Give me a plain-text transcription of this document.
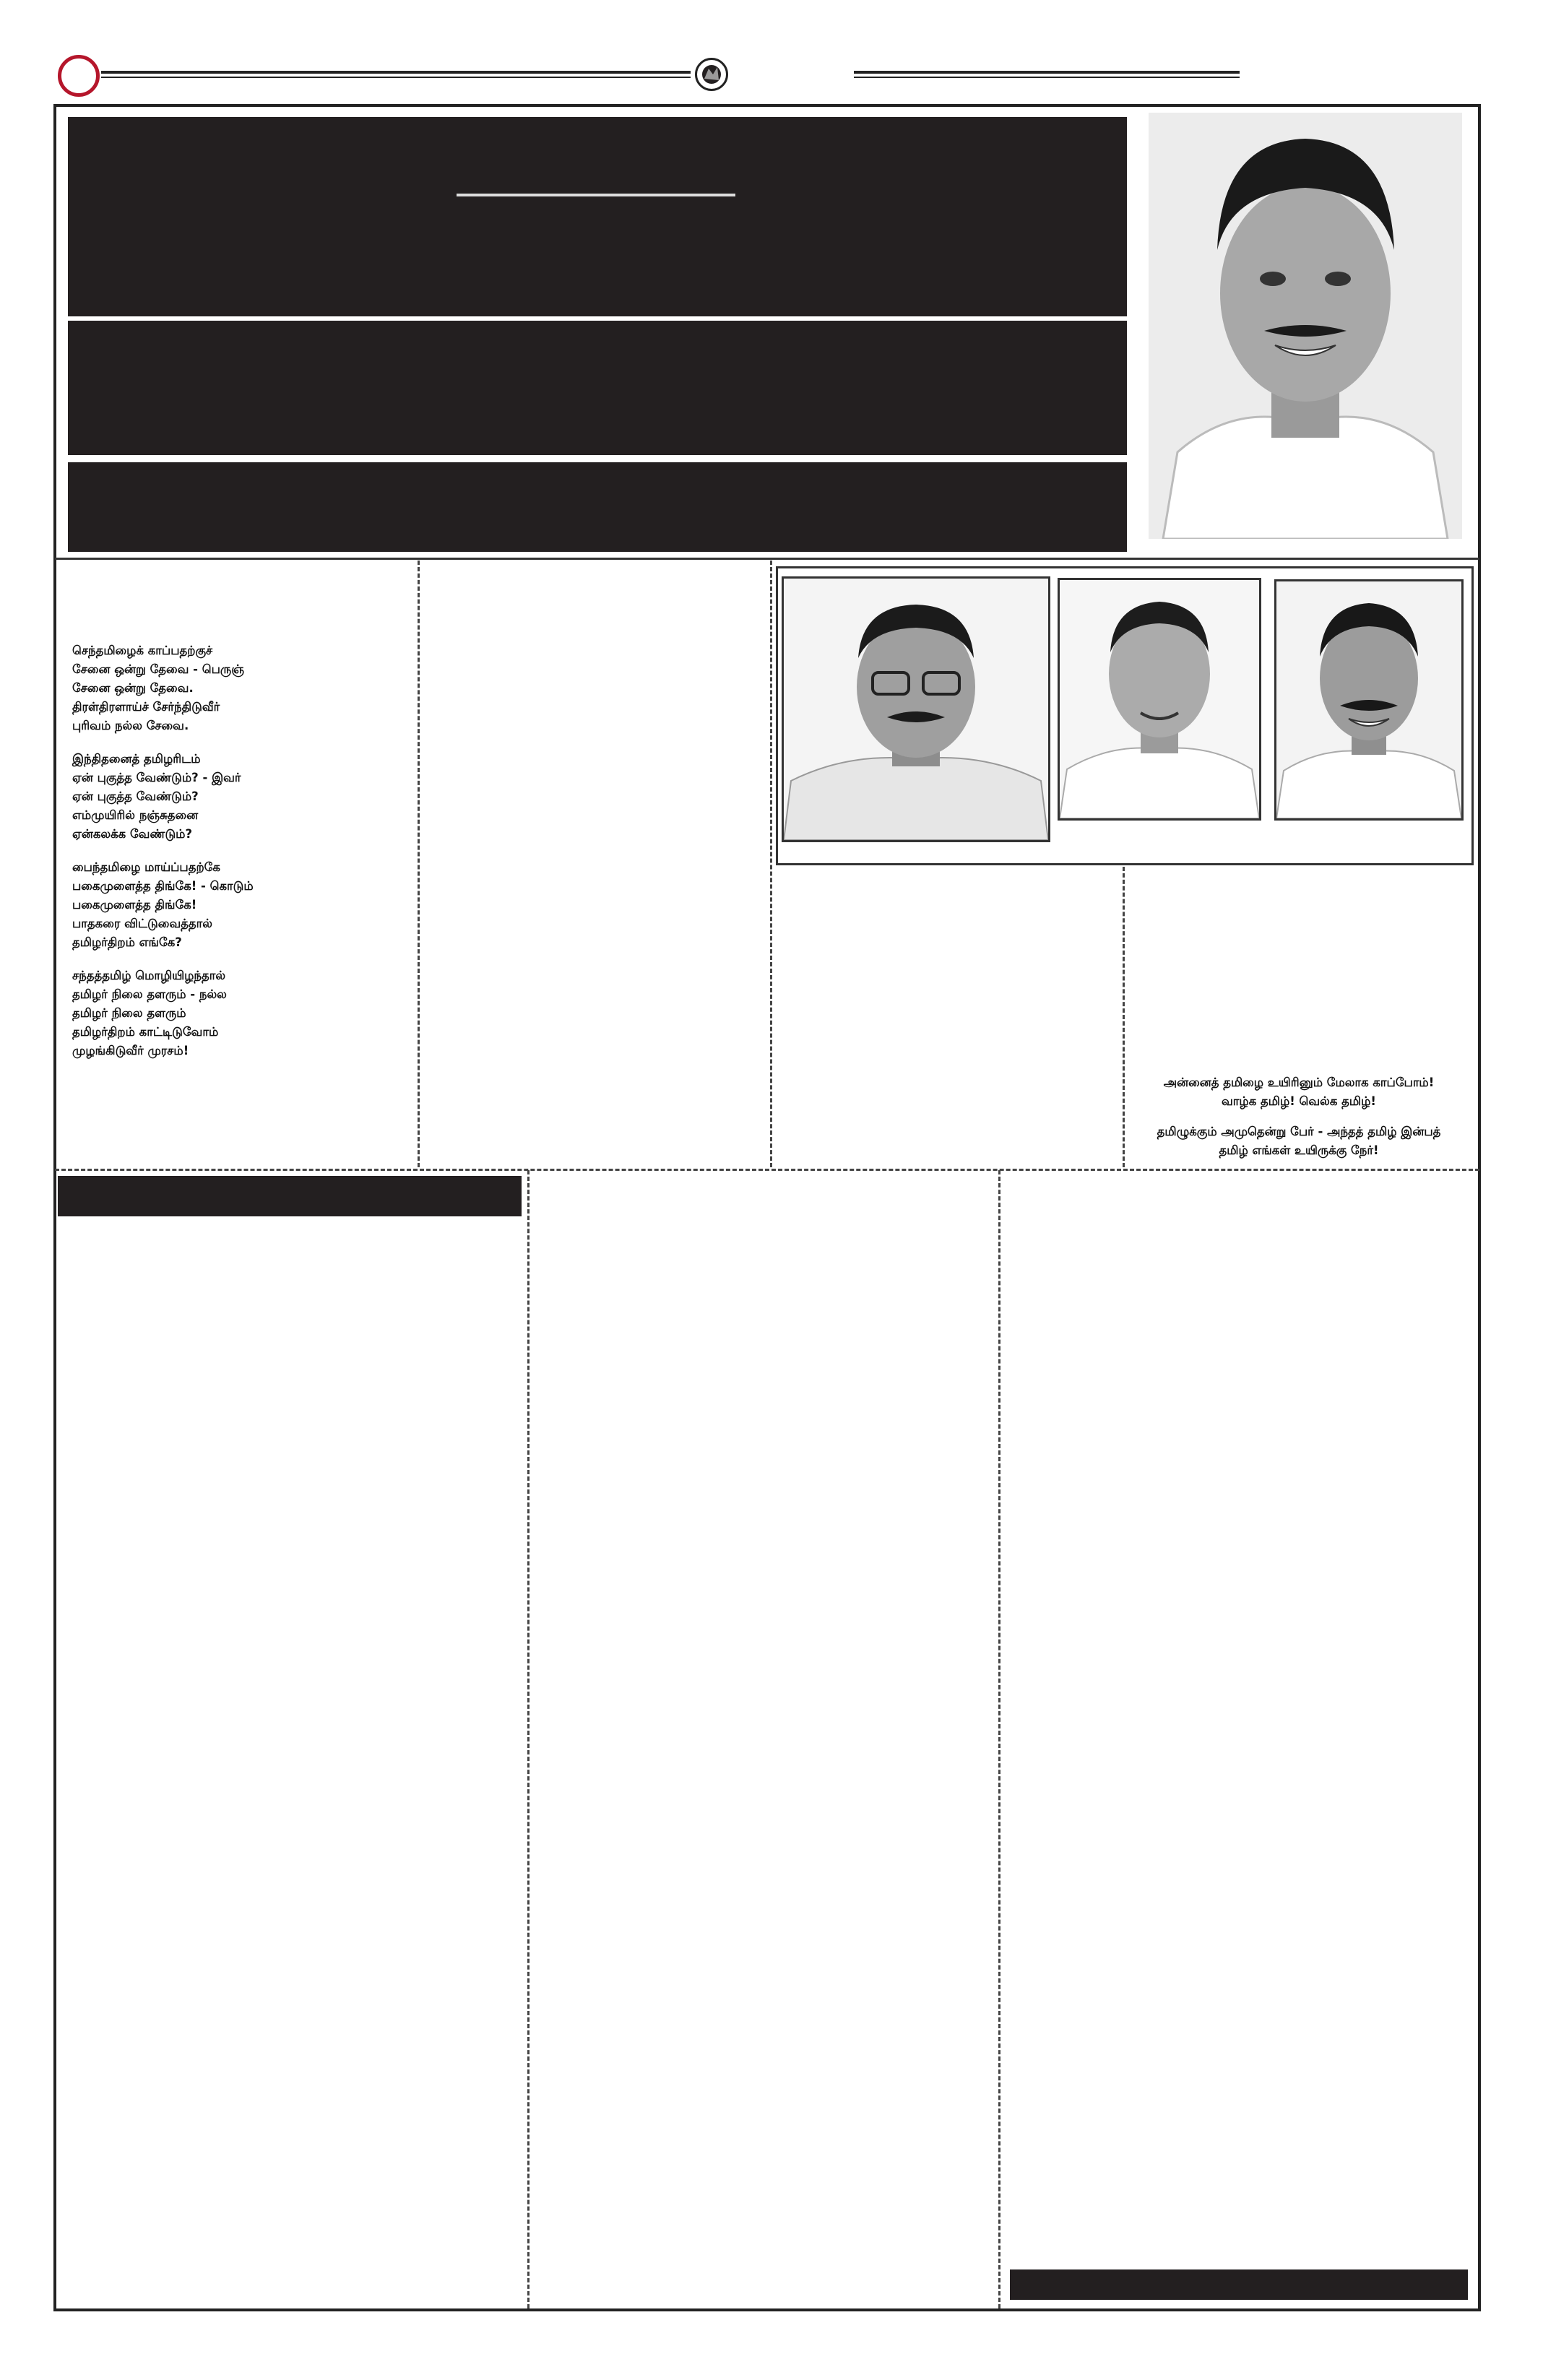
செந்தமிழைக் காப்பதற்குச்
சேனை ஒன்று தேவை - பெருஞ்
சேனை ஒன்று தேவை.
திரள்திரளாய்ச் சேர்ந்திடுவீர்
புரிவம் நல்ல சேவை.
இந்திதனைத் தமிழரிடம்
ஏன் புகுத்த வேண்டும்? - இவர்
ஏன் புகுத்த வேண்டும்?
எம்முயிரில் நஞ்சுதனை
ஏன்கலக்க வேண்டும்?
பைந்தமிழை மாய்ப்பதற்கே
பகைமுளைத்த திங்கே! - கொடும்
பகைமுளைத்த திங்கே!
பாதகரை விட்டுவைத்தால்
தமிழர்திறம் எங்கே?
சந்தத்தமிழ் மொழியிழந்தால்
தமிழர் நிலை தளரும் - நல்ல
தமிழர் நிலை தளரும்
தமிழர்திறம் காட்டிடுவோம்
முழங்கிடுவீர் முரசம்!
அன்னைத் தமிழை உயிரினும் மேலாக காப்போம்!
வாழ்க தமிழ்! வெல்க தமிழ்!
தமிழுக்கும் அமுதென்று பேர் - அந்தத் தமிழ் இன்பத்
தமிழ் எங்கள் உயிருக்கு நேர்!
